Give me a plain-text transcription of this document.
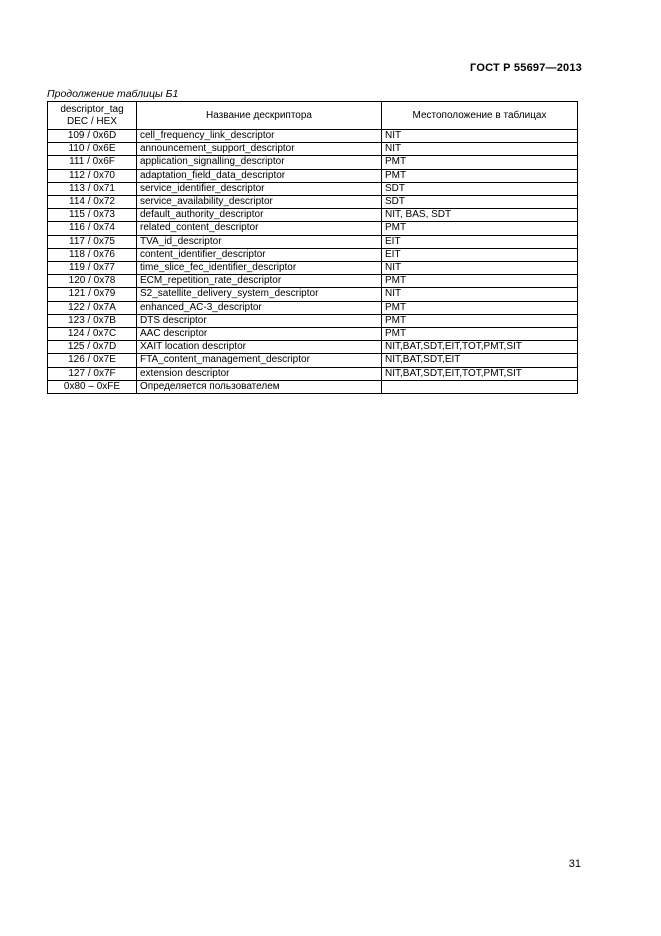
ГОСТ Р 55697—2013
Продолжение таблицы Б1
descriptor_tag DEC / HEX	Название дескриптора	Местоположение в таблицах
109 / 0x6D	cell_frequency_link_descriptor	NIT
110 / 0x6E	announcement_support_descriptor	NIT
111 / 0x6F	application_signalling_descriptor	PMT
112 / 0x70	adaptation_field_data_descriptor	PMT
113 / 0x71	service_identifier_descriptor	SDT
114 / 0x72	service_availability_descriptor	SDT
115 / 0x73	default_authority_descriptor	NIT, BAS, SDT
116 / 0x74	related_content_descriptor	PMT
117 / 0x75	TVA_id_descriptor	EIT
118 / 0x76	content_identifier_descriptor	EIT
119 / 0x77	time_slice_fec_identifier_descriptor	NIT
120 / 0x78	ECM_repetition_rate_descriptor	PMT
121 / 0x79	S2_satellite_delivery_system_descriptor	NIT
122 / 0x7A	enhanced_AC-3_descriptor	PMT
123 / 0x7B	DTS descriptor	PMT
124 / 0x7C	AAC descriptor	PMT
125 / 0x7D	XAIT location descriptor	NIT,BAT,SDT,EIT,TOT,PMT,SIT
126 / 0x7E	FTA_content_management_descriptor	NIT,BAT,SDT,EIT
127 / 0x7F	extension descriptor	NIT,BAT,SDT,EIT,TOT,PMT,SIT
0x80 – 0xFE	Определяется пользователем	
31
